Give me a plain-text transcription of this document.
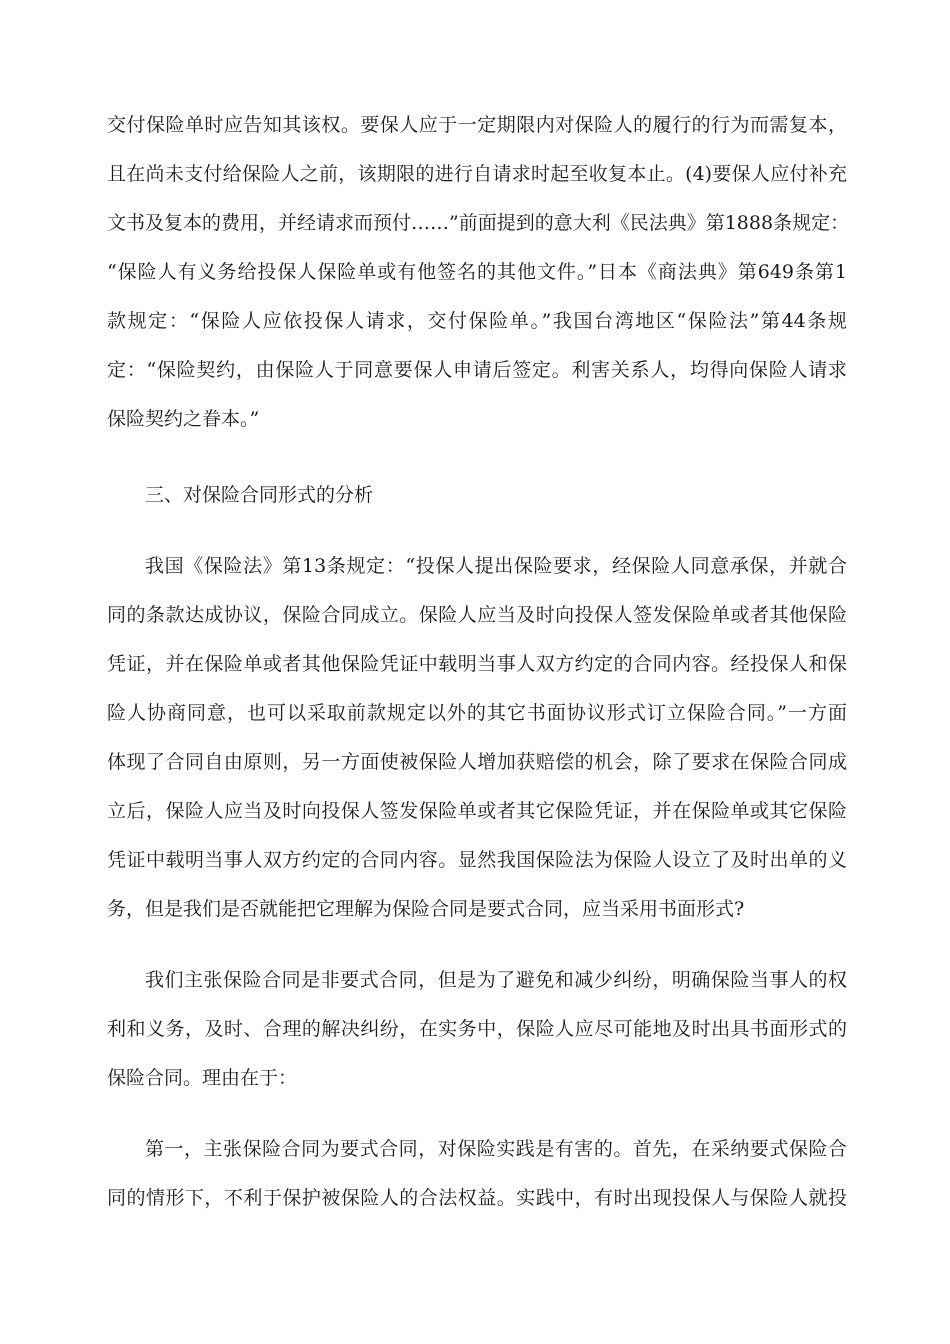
交付保险单时应告知其该权。要保人应于一定期限内对保险人的履行的行为而需复本，
且在尚未支付给保险人之前，该期限的进行自请求时起至收复本止。(4)要保人应付补充
文书及复本的费用，并经请求而预付……”前面提到的意大利《民法典》第1888条规定：
“保险人有义务给投保人保险单或有他签名的其他文件。”日本《商法典》第649条第1
款规定：“保险人应依投保人请求，交付保险单。”我国台湾地区“保险法”第44条规
定：“保险契约，由保险人于同意要保人申请后签定。利害关系人，均得向保险人请求
保险契约之眷本。”
三、对保险合同形式的分析
我国《保险法》第13条规定：“投保人提出保险要求，经保险人同意承保，并就合
同的条款达成协议，保险合同成立。保险人应当及时向投保人签发保险单或者其他保险
凭证，并在保险单或者其他保险凭证中载明当事人双方约定的合同内容。经投保人和保
险人协商同意，也可以采取前款规定以外的其它书面协议形式订立保险合同。”一方面
体现了合同自由原则，另一方面使被保险人增加获赔偿的机会，除了要求在保险合同成
立后，保险人应当及时向投保人签发保险单或者其它保险凭证，并在保险单或其它保险
凭证中载明当事人双方约定的合同内容。显然我国保险法为保险人设立了及时出单的义
务，但是我们是否就能把它理解为保险合同是要式合同，应当采用书面形式?
我们主张保险合同是非要式合同，但是为了避免和减少纠纷，明确保险当事人的权
利和义务，及时、合理的解决纠纷，在实务中，保险人应尽可能地及时出具书面形式的
保险合同。理由在于：
第一，主张保险合同为要式合同，对保险实践是有害的。首先，在采纳要式保险合
同的情形下，不利于保护被保险人的合法权益。实践中，有时出现投保人与保险人就投
